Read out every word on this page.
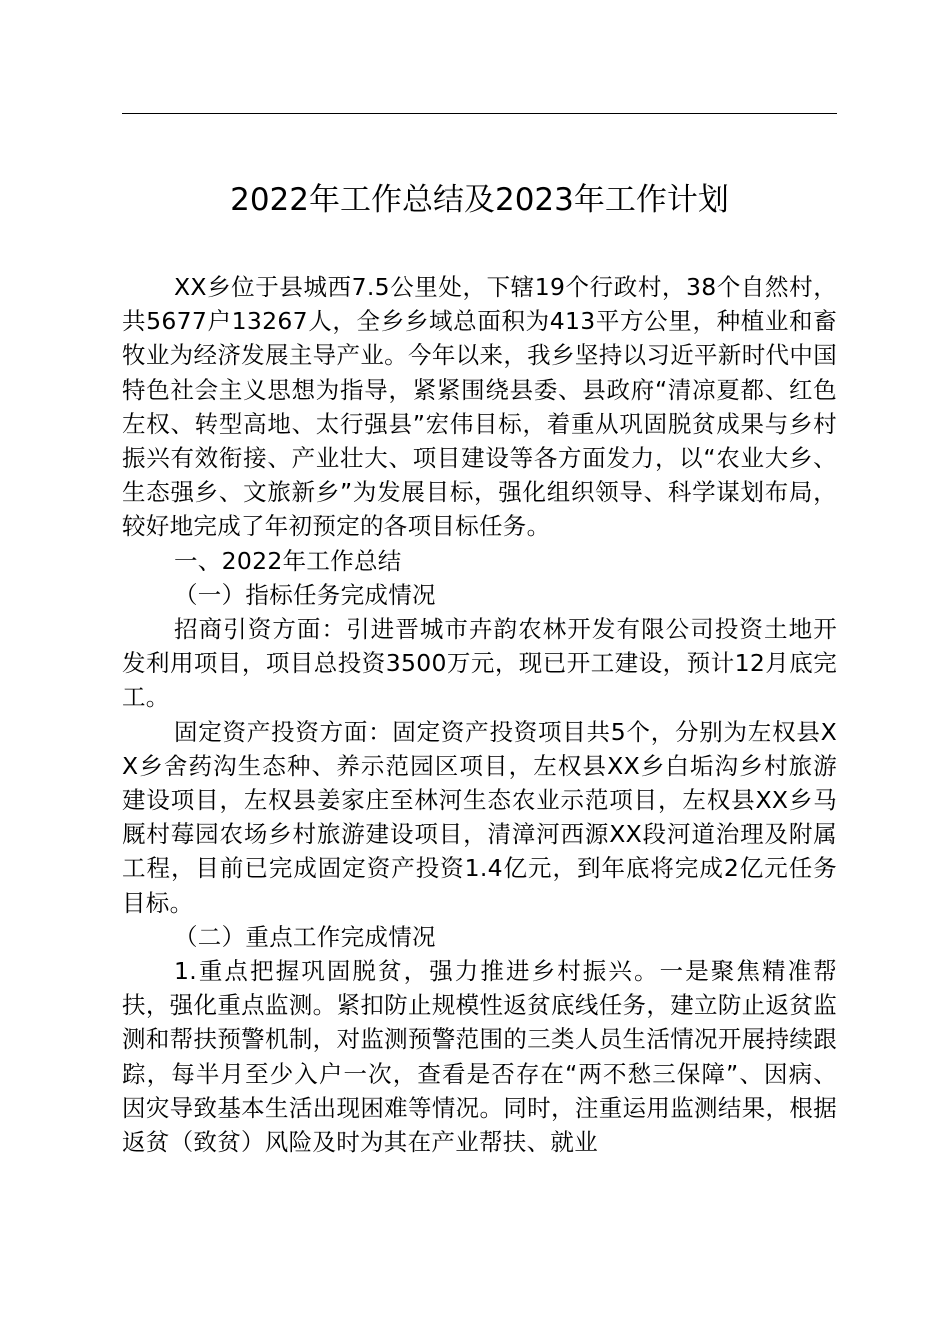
2022年工作总结及2023年工作计划

XX乡位于县城西7.5公里处，下辖19个行政村，38个自然村，共5677户13267人，全乡乡域总面积为413平方公里，种植业和畜牧业为经济发展主导产业。今年以来，我乡坚持以习近平新时代中国特色社会主义思想为指导，紧紧围绕县委、县政府“清凉夏都、红色左权、转型高地、太行强县”宏伟目标，着重从巩固脱贫成果与乡村振兴有效衔接、产业壮大、项目建设等各方面发力，以“农业大乡、生态强乡、文旅新乡”为发展目标，强化组织领导、科学谋划布局，较好地完成了年初预定的各项目标任务。

一、2022年工作总结

（一）指标任务完成情况

招商引资方面：引进晋城市卉韵农林开发有限公司投资土地开发利用项目，项目总投资3500万元，现已开工建设，预计12月底完工。

固定资产投资方面：固定资产投资项目共5个，分别为左权县XX乡舍药沟生态种、养示范园区项目，左权县XX乡白垢沟乡村旅游建设项目，左权县姜家庄至林河生态农业示范项目，左权县XX乡马厩村莓园农场乡村旅游建设项目，清漳河西源XX段河道治理及附属工程，目前已完成固定资产投资1.4亿元，到年底将完成2亿元任务目标。

（二）重点工作完成情况

1.重点把握巩固脱贫，强力推进乡村振兴。一是聚焦精准帮扶，强化重点监测。紧扣防止规模性返贫底线任务，建立防止返贫监测和帮扶预警机制，对监测预警范围的三类人员生活情况开展持续跟踪，每半月至少入户一次，查看是否存在“两不愁三保障”、因病、因灾导致基本生活出现困难等情况。同时，注重运用监测结果，根据返贫（致贫）风险及时为其在产业帮扶、就业
